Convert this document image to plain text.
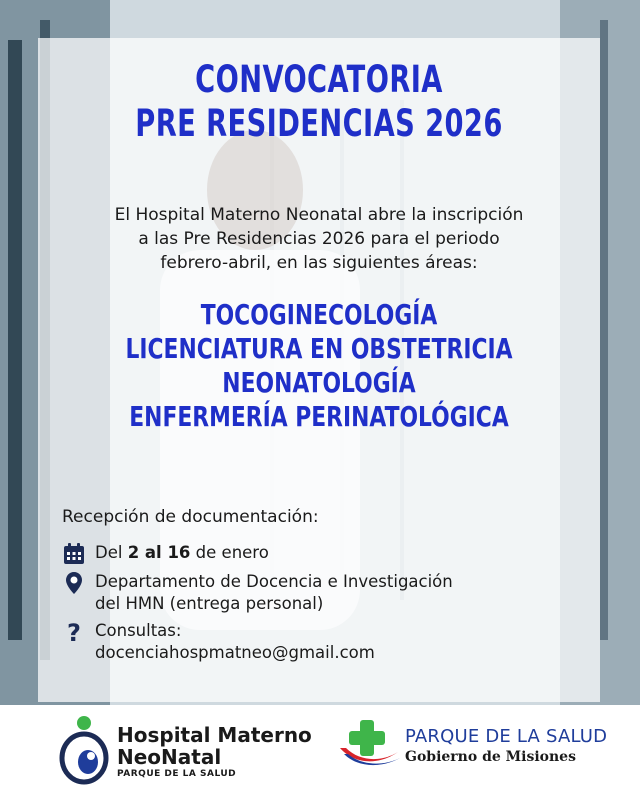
CONVOCATORIA
PRE RESIDENCIAS 2026
El Hospital Materno Neonatal abre la inscripción
a las Pre Residencias 2026 para el periodo
febrero-abril, en las siguientes áreas:
TOCOGINECOLOGÍA
LICENCIATURA EN OBSTETRICIA
NEONATOLOGÍA
ENFERMERÍA PERINATOLÓGICA
Recepción de documentación:
Del 2 al 16 de enero
Departamento de Docencia e Investigación
del HMN (entrega personal)
? Consultas:
docenciahospmatneo@gmail.com
Hospital Materno
NeoNatal
PARQUE DE LA SALUD
PARQUE DE LA SALUD
Gobierno de Misiones
